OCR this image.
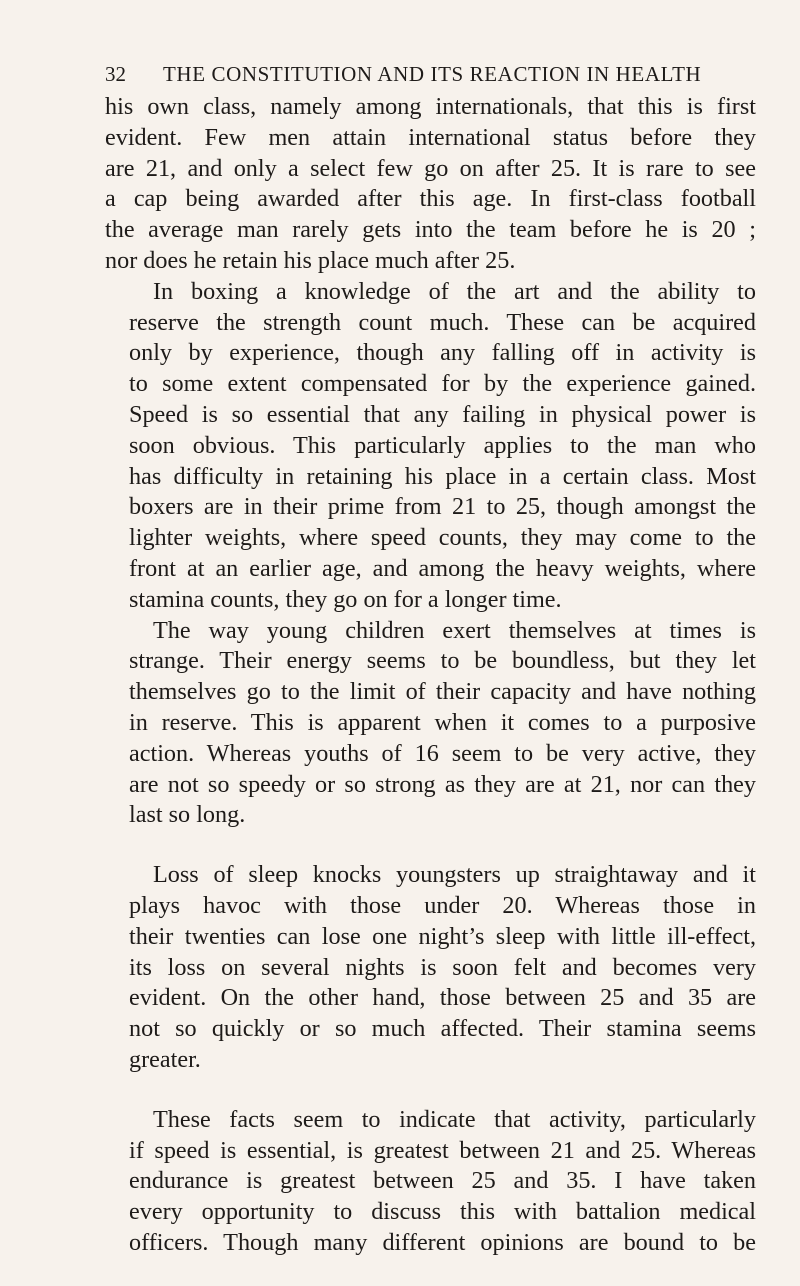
32	THE CONSTITUTION AND ITS REACTION IN HEALTH
his own class, namely among internationals, that this is first
evident. Few men attain international status before they
are 21, and only a select few go on after 25. It is rare to see
a cap being awarded after this age. In first-class football
the average man rarely gets into the team before he is 20 ;
nor does he retain his place much after 25.
In boxing a knowledge of the art and the ability to
reserve the strength count much. These can be acquired
only by experience, though any falling off in activity is
to some extent compensated for by the experience gained.
Speed is so essential that any failing in physical power is
soon obvious. This particularly applies to the man who
has difficulty in retaining his place in a certain class. Most
boxers are in their prime from 21 to 25, though amongst the
lighter weights, where speed counts, they may come to the
front at an earlier age, and among the heavy weights, where
stamina counts, they go on for a longer time.
The way young children exert themselves at times is
strange. Their energy seems to be boundless, but they let
themselves go to the limit of their capacity and have nothing
in reserve. This is apparent when it comes to a purposive
action. Whereas youths of 16 seem to be very active, they
are not so speedy or so strong as they are at 21, nor can they
last so long.
Loss of sleep knocks youngsters up straightaway and it
plays havoc with those under 20. Whereas those in
their twenties can lose one night’s sleep with little ill-effect,
its loss on several nights is soon felt and becomes very
evident. On the other hand, those between 25 and 35 are
not so quickly or so much affected. Their stamina seems
greater.
These facts seem to indicate that activity, particularly
if speed is essential, is greatest between 21 and 25. Whereas
endurance is greatest between 25 and 35. I have taken
every opportunity to discuss this with battalion medical
officers. Though many different opinions are bound to be
